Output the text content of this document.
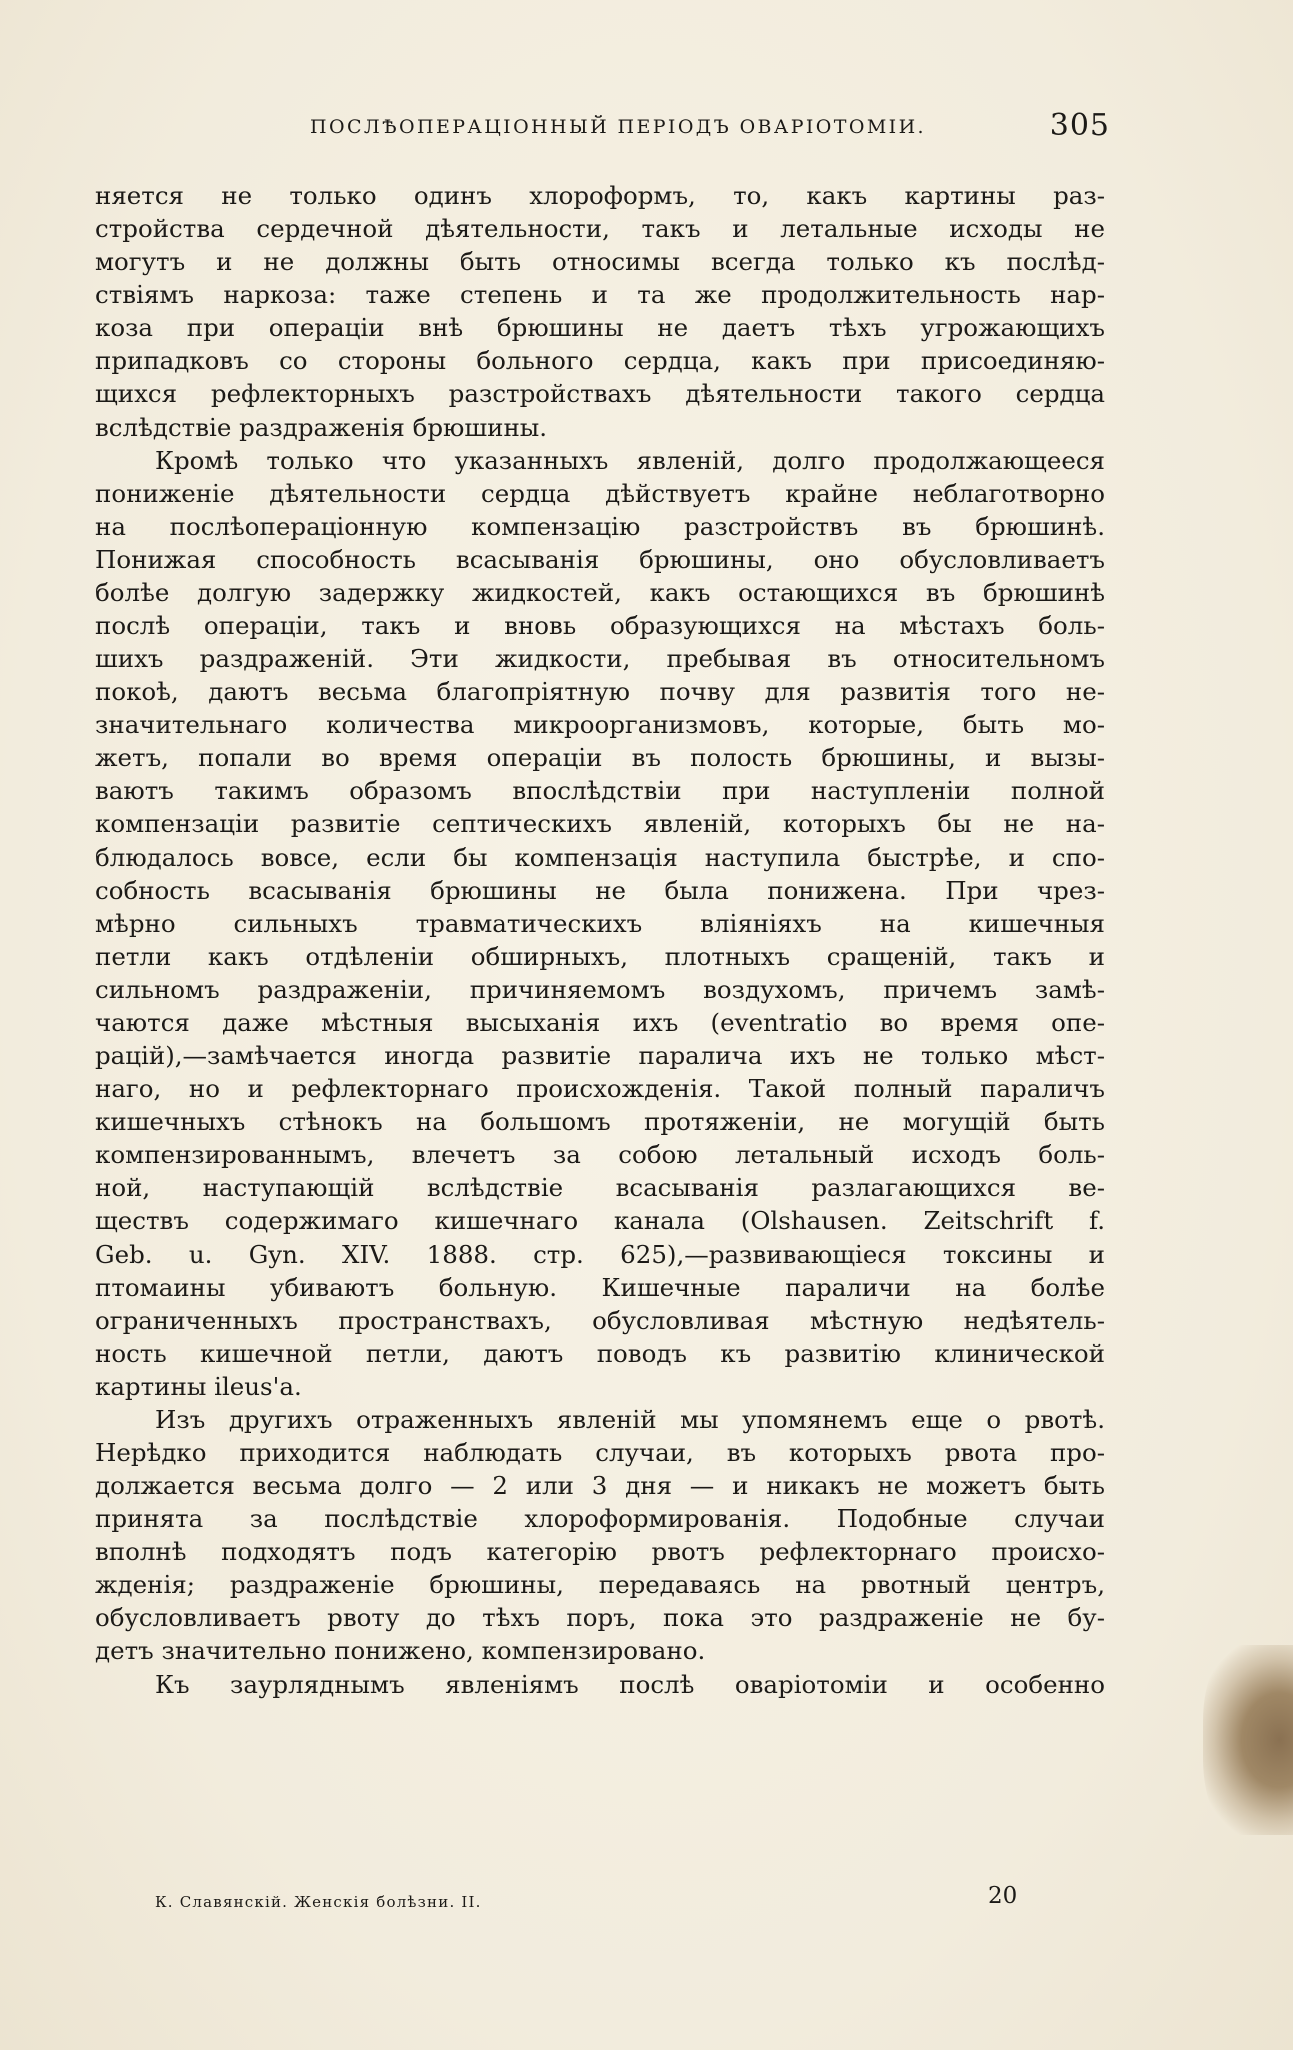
ПОСЛѢОПЕРАЦІОННЫЙ ПЕРІОДЪ ОВАРІОТОМІИ.	305
няется не только одинъ хлороформъ, то, какъ картины раз-
стройства сердечной дѣятельности, такъ и летальные исходы не
могутъ и не должны быть относимы всегда только къ послѣд-
ствіямъ наркоза: таже степень и та же продолжительность нар-
коза при операціи внѣ брюшины не даетъ тѣхъ угрожающихъ
припадковъ со стороны больного сердца, какъ при присоединяю-
щихся рефлекторныхъ разстройствахъ дѣятельности такого сердца
вслѣдствіе раздраженія брюшины.
Кромѣ только что указанныхъ явленій, долго продолжающееся
пониженіе дѣятельности сердца дѣйствуетъ крайне неблаготворно
на послѣопераціонную компензацію разстройствъ въ брюшинѣ.
Понижая способность всасыванія брюшины, оно обусловливаетъ
болѣе долгую задержку жидкостей, какъ остающихся въ брюшинѣ
послѣ операціи, такъ и вновь образующихся на мѣстахъ боль-
шихъ раздраженій. Эти жидкости, пребывая въ относительномъ
покоѣ, даютъ весьма благопріятную почву для развитія того не-
значительнаго количества микроорганизмовъ, которые, быть мо-
жетъ, попали во время операціи въ полость брюшины, и вызы-
ваютъ такимъ образомъ впослѣдствіи при наступленіи полной
компензаціи развитіе септическихъ явленій, которыхъ бы не на-
блюдалось вовсе, если бы компензація наступила быстрѣе, и спо-
собность всасыванія брюшины не была понижена. При чрез-
мѣрно сильныхъ травматическихъ вліяніяхъ на кишечныя
петли какъ отдѣленіи обширныхъ, плотныхъ сращеній, такъ и
сильномъ раздраженіи, причиняемомъ воздухомъ, причемъ замѣ-
чаются даже мѣстныя высыханія ихъ (eventratio во время опе-
рацій),—замѣчается иногда развитіе паралича ихъ не только мѣст-
наго, но и рефлекторнаго происхожденія. Такой полный параличъ
кишечныхъ стѣнокъ на большомъ протяженіи, не могущій быть
компензированнымъ, влечетъ за собою летальный исходъ боль-
ной, наступающій вслѣдствіе всасыванія разлагающихся ве-
ществъ содержимаго кишечнаго канала (Olshausen. Zeitschrift f.
Geb. u. Gyn. XIV. 1888. стр. 625),—развивающіеся токсины и
птомаины убиваютъ больную. Кишечные параличи на болѣе
ограниченныхъ пространствахъ, обусловливая мѣстную недѣятель-
ность кишечной петли, даютъ поводъ къ развитію клинической
картины ileus'а.
Изъ другихъ отраженныхъ явленій мы упомянемъ еще о рвотѣ.
Нерѣдко приходится наблюдать случаи, въ которыхъ рвота про-
должается весьма долго — 2 или 3 дня — и никакъ не можетъ быть
принята за послѣдствіе хлороформированія. Подобные случаи
вполнѣ подходятъ подъ категорію рвотъ рефлекторнаго происхо-
жденія; раздраженіе брюшины, передаваясь на рвотный центръ,
обусловливаетъ рвоту до тѣхъ поръ, пока это раздраженіе не бу-
детъ значительно понижено, компензировано.
Къ заурляднымъ явленіямъ послѣ оваріотоміи и особенно
К. Славянскій. Женскія болѣзни. II.	20
